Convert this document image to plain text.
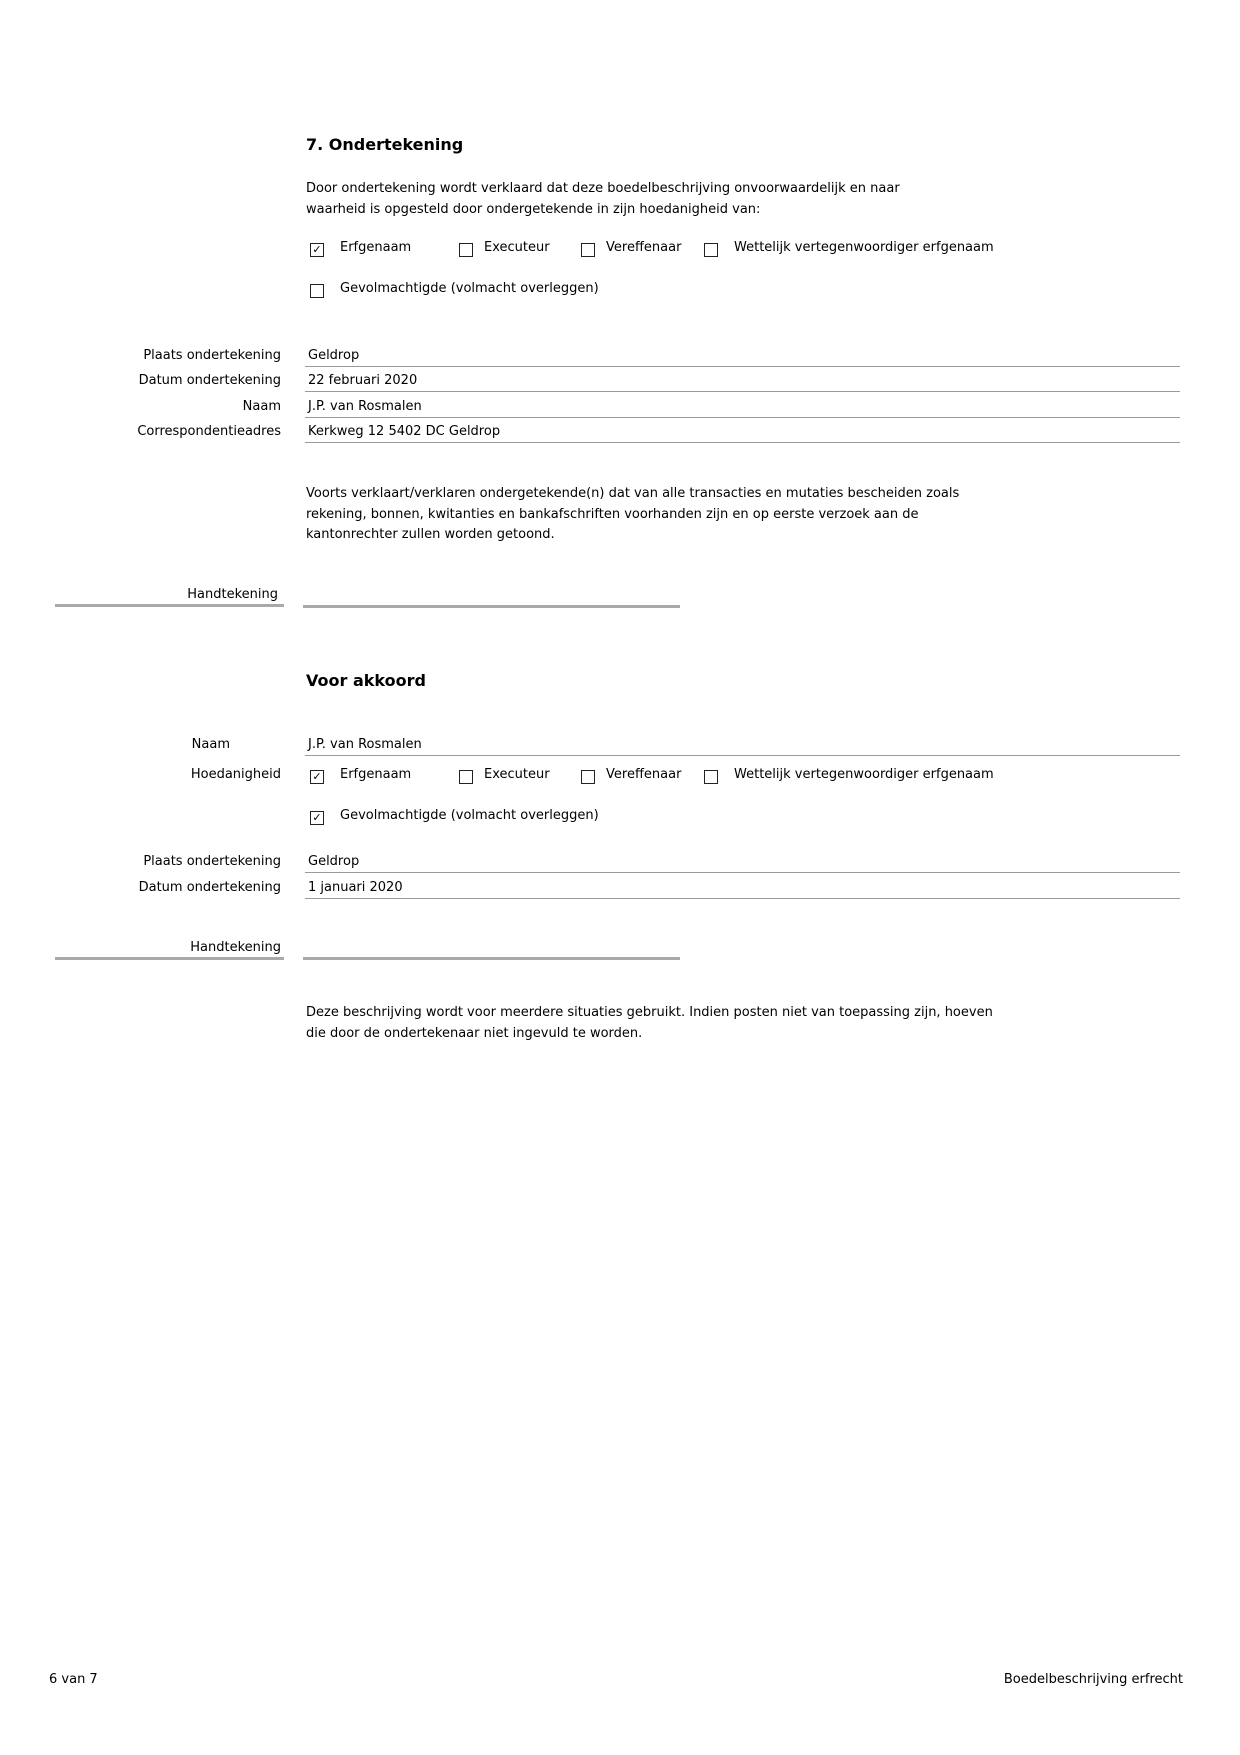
7. Ondertekening
Door ondertekening wordt verklaard dat deze boedelbeschrijving onvoorwaardelijk en naar
waarheid is opgesteld door ondergetekende in zijn hoedanigheid van:
✓ Erfgenaam	Executeur	Vereffenaar	Wettelijk vertegenwoordiger erfgenaam
Gevolmachtigde (volmacht overleggen)
Plaats ondertekening Geldrop
Datum ondertekening 22 februari 2020
Naam J.P. van Rosmalen
Correspondentieadres Kerkweg 12 5402 DC Geldrop
Voorts verklaart/verklaren ondergetekende(n) dat van alle transacties en mutaties bescheiden zoals
rekening, bonnen, kwitanties en bankafschriften voorhanden zijn en op eerste verzoek aan de
kantonrechter zullen worden getoond.
Handtekening
Voor akkoord
Naam	J.P. van Rosmalen
Hoedanigheid	✓ Erfgenaam	Executeur	Vereffenaar	Wettelijk vertegenwoordiger erfgenaam
✓ Gevolmachtigde (volmacht overleggen)
Plaats ondertekening Geldrop
Datum ondertekening 1 januari 2020
Handtekening
Deze beschrijving wordt voor meerdere situaties gebruikt. Indien posten niet van toepassing zijn, hoeven
die door de ondertekenaar niet ingevuld te worden.
6 van 7	Boedelbeschrijving erfrecht
